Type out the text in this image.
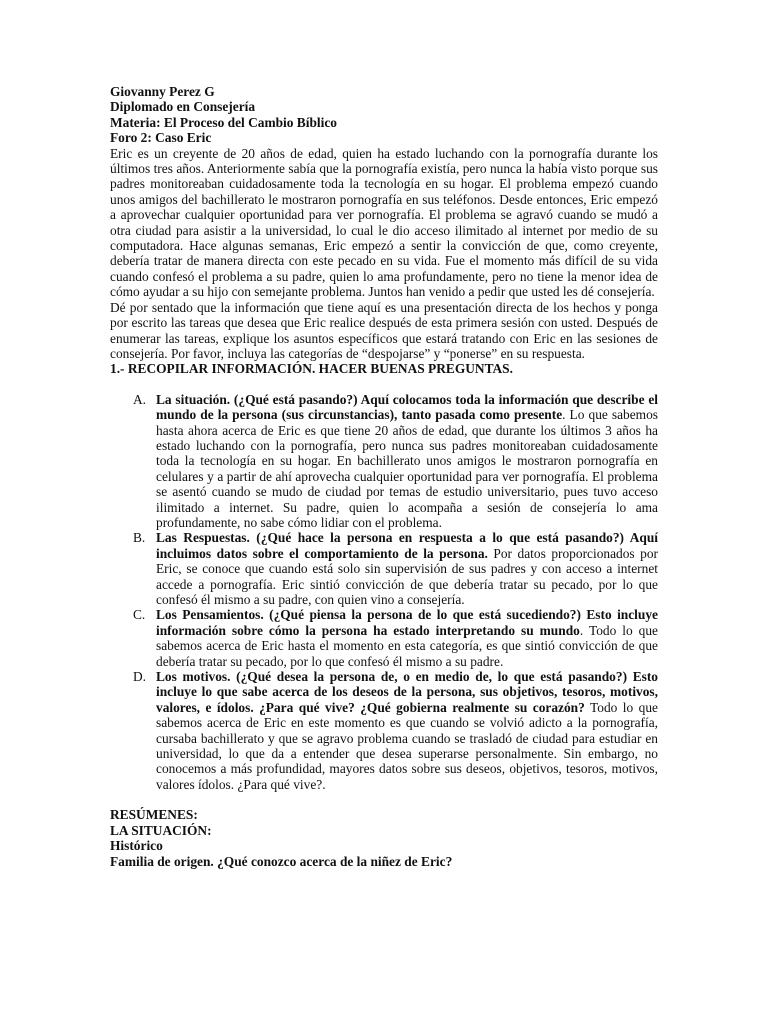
Giovanny Perez G

Diplomado en Consejería

Materia: El Proceso del Cambio Bíblico

Foro 2: Caso Eric

Eric es un creyente de 20 años de edad, quien ha estado luchando con la pornografía durante los últimos tres años. Anteriormente sabía que la pornografía existía, pero nunca la había visto porque sus padres monitoreaban cuidadosamente toda la tecnología en su hogar. El problema empezó cuando unos amigos del bachillerato le mostraron pornografía en sus teléfonos. Desde entonces, Eric empezó a aprovechar cualquier oportunidad para ver pornografía. El problema se agravó cuando se mudó a otra ciudad para asistir a la universidad, lo cual le dio acceso ilimitado al internet por medio de su computadora. Hace algunas semanas, Eric empezó a sentir la convicción de que, como creyente, debería tratar de manera directa con este pecado en su vida. Fue el momento más difícil de su vida cuando confesó el problema a su padre, quien lo ama profundamente, pero no tiene la menor idea de cómo ayudar a su hijo con semejante problema. Juntos han venido a pedir que usted les dé consejería.

Dé por sentado que la información que tiene aquí es una presentación directa de los hechos y ponga por escrito las tareas que desea que Eric realice después de esta primera sesión con usted. Después de enumerar las tareas, explique los asuntos específicos que estará tratando con Eric en las sesiones de consejería. Por favor, incluya las categorías de “despojarse” y “ponerse” en su respuesta.

1.- RECOPILAR INFORMACIÓN. HACER BUENAS PREGUNTAS.

A. La situación. (¿Qué está pasando?) Aquí colocamos toda la información que describe el mundo de la persona (sus circunstancias), tanto pasada como presente. Lo que sabemos hasta ahora acerca de Eric es que tiene 20 años de edad, que durante los últimos 3 años ha estado luchando con la pornografía, pero nunca sus padres monitoreaban cuidadosamente toda la tecnología en su hogar. En bachillerato unos amigos le mostraron pornografía en celulares y a partir de ahí aprovecha cualquier oportunidad para ver pornografía. El problema se asentó cuando se mudo de ciudad por temas de estudio universitario, pues tuvo acceso ilimitado a internet. Su padre, quien lo acompaña a sesión de consejería lo ama profundamente, no sabe cómo lidiar con el problema.
B. Las Respuestas. (¿Qué hace la persona en respuesta a lo que está pasando?) Aquí incluimos datos sobre el comportamiento de la persona. Por datos proporcionados por Eric, se conoce que cuando está solo sin supervisión de sus padres y con acceso a internet accede a pornografía. Eric sintió convicción de que debería tratar su pecado, por lo que confesó él mismo a su padre, con quien vino a consejería.
C. Los Pensamientos. (¿Qué piensa la persona de lo que está sucediendo?) Esto incluye información sobre cómo la persona ha estado interpretando su mundo. Todo lo que sabemos acerca de Eric hasta el momento en esta categoría, es que sintió convicción de que debería tratar su pecado, por lo que confesó él mismo a su padre.
D. Los motivos. (¿Qué desea la persona de, o en medio de, lo que está pasando?) Esto incluye lo que sabe acerca de los deseos de la persona, sus objetivos, tesoros, motivos, valores, e ídolos. ¿Para qué vive? ¿Qué gobierna realmente su corazón? Todo lo que sabemos acerca de Eric en este momento es que cuando se volvió adicto a la pornografía, cursaba bachillerato y que se agravo problema cuando se trasladó de ciudad para estudiar en universidad, lo que da a entender que desea superarse personalmente. Sin embargo, no conocemos a más profundidad, mayores datos sobre sus deseos, objetivos, tesoros, motivos, valores ídolos. ¿Para qué vive?.

RESÚMENES:

LA SITUACIÓN:

Histórico

Familia de origen. ¿Qué conozco acerca de la niñez de Eric?
